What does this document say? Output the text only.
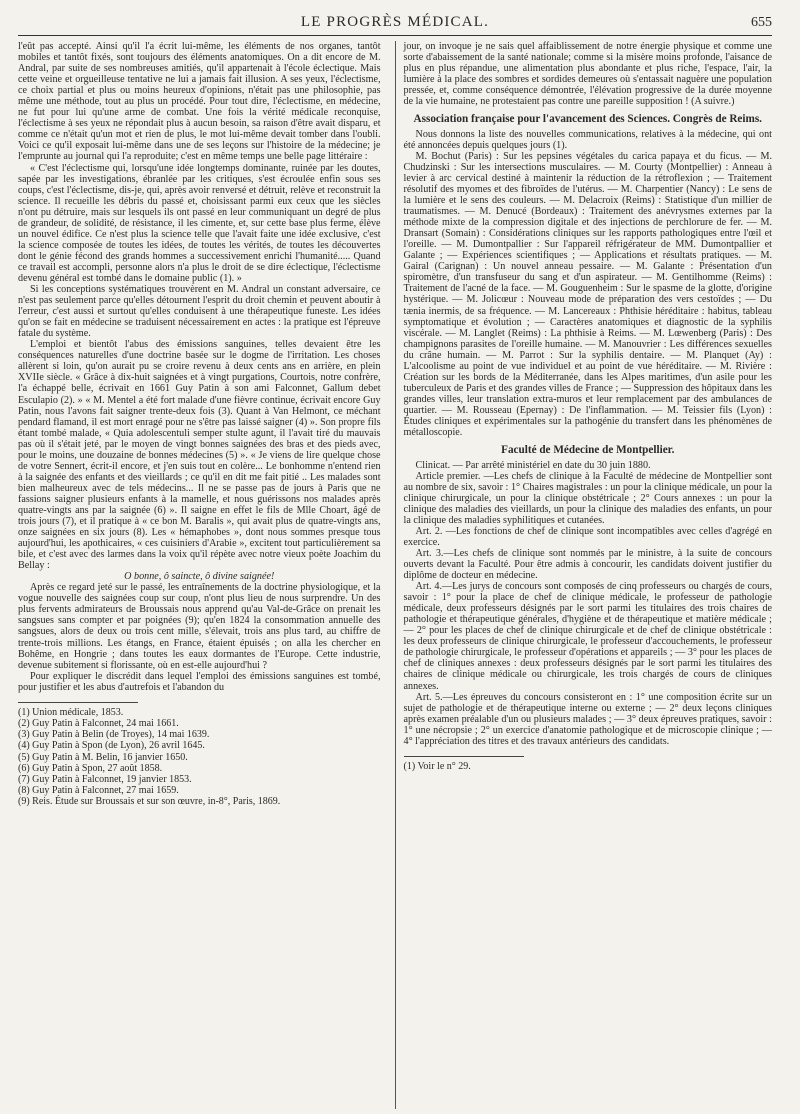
LE PROGRÈS MÉDICAL.	655

l'eût pas accepté. Ainsi qu'il l'a écrit lui-même, les éléments de nos organes, tantôt mobiles et tantôt fixés, sont toujours des éléments anatomiques. On a dit encore de M. Andral, par suite de ses nombreuses amitiés, qu'il appartenait à l'école éclectique. Mais cette veine et orgueilleuse tentative ne lui a jamais fait illusion. A ses yeux, l'éclectisme, ce choix partial et plus ou moins heureux d'opinions, n'était pas une philosophie, pas même une méthode, tout au plus un procédé. Pour tout dire, l'éclectisme, en médecine, ne fut pour lui qu'une arme de combat. Une fois la vérité médicale reconquise, l'éclectisme à ses yeux ne répondait plus à aucun besoin, sa raison d'être avait disparu, et comme ce n'était qu'un mot et rien de plus, le mot lui-même devait tomber dans l'oubli. Voici ce qu'il exposait lui-même dans une de ses leçons sur l'histoire de la médecine; je l'emprunte au journal qui l'a reproduite; c'est en même temps une belle page littéraire :

« C'est l'éclectisme qui, lorsqu'une idée longtemps dominante, ruinée par les doutes, sapée par les investigations, ébranlée par les critiques, s'est écroulée enfin sous ses coups, c'est l'éclectisme, dis-je, qui, après avoir renversé et détruit, relève et reconstruit la science. Il recueille les débris du passé et, choisissant parmi eux ceux que les siècles n'ont pu détruire, mais sur lesquels ils ont passé en leur communiquant un degré de plus de grandeur, de solidité, de résistance, il les cimente, et, sur cette base plus ferme, élève un nouvel édifice. Ce n'est plus la science telle que l'avait faite une idée exclusive, c'est la science composée de toutes les idées, de toutes les vérités, de toutes les découvertes dont le génie fécond des grands hommes a successivement enrichi l'humanité..... Quand ce travail est accompli, personne alors n'a plus le droit de se dire éclectique, l'éclectisme devenu général est tombé dans le domaine public (1). »

Si les conceptions systématiques trouvèrent en M. Andral un constant adversaire, ce n'est pas seulement parce qu'elles détournent l'esprit du droit chemin et peuvent aboutir à l'erreur, c'est aussi et surtout qu'elles conduisent à une thérapeutique funeste. Les idées qu'on se fait en médecine se traduisent nécessairement en actes : la pratique est l'épreuve fatale du système.

L'emploi et bientôt l'abus des émissions sanguines, telles devaient être les conséquences naturelles d'une doctrine basée sur le dogme de l'irritation. Les choses allèrent si loin, qu'on aurait pu se croire revenu à deux cents ans en arrière, en plein XVIIe siècle. « Grâce à dix-huit saignées et à vingt purgations, Courtois, notre confrère, l'a échappé belle, écrivait en 1661 Guy Patin à son ami Falconnet, Gallum debet Esculapio (2). » « M. Mentel a été fort malade d'une fièvre continue, écrivait encore Guy Patin, nous l'avons fait saigner trente-deux fois (3). Quant à Van Helmont, ce méchant pendard flamand, il est mort enragé pour ne s'être pas laissé saigner (4) ». Son propre fils étant tombé malade, « Quia adolescentuli semper stulte agunt, il l'avait tiré du mauvais pas où il s'était jeté, par le moyen de vingt bonnes saignées des bras et des pieds avec, pour le moins, une douzaine de bonnes médecines (5) ». « Je viens de lire quelque chose de votre Sennert, écrit-il encore, et j'en suis tout en colère... Le bonhomme n'entend rien à la saignée des enfants et des vieillards ; ce qu'il en dit me fait pitié .. Les malades sont bien malheureux avec de tels médecins... Il ne se passe pas de jours à Paris que ne fassions saigner plusieurs enfants à la mamelle, et nous guérissons nos malades après quatre-vingts ans par la saignée (6) ». Il saigne en effet le fils de Mlle Choart, âgé de trois jours (7), et il pratique à « ce bon M. Baralis », qui avait plus de quatre-vingts ans, onze saignées en six jours (8). Les « hémaphobes », dont nous sommes presque tous aujourd'hui, les apothicaires, « ces cuisiniers d'Arabie », excitent tout particulièrement sa bile, et c'est avec des larmes dans la voix qu'il répète avec notre vieux poète Joachim du Bellay :

O bonne, ô saincte, ô divine saignée!

Après ce regard jeté sur le passé, les entraînements de la doctrine physiologique, et la vogue nouvelle des saignées coup sur coup, n'ont plus lieu de nous surprendre. Un des plus fervents admirateurs de Broussais nous apprend qu'au Val-de-Grâce on prenait les sangsues sans compter et par poignées (9); qu'en 1824 la consommation annuelle des sangsues, alors de deux ou trois cent mille, s'élevait, trois ans plus tard, au chiffre de trente-trois millions. Les étangs, en France, étaient épuisés ; on alla les chercher en Bohême, en Hongrie ; dans toutes les eaux dormantes de l'Europe. Cette industrie, devenue subitement si florissante, où en est-elle aujourd'hui ?

Pour expliquer le discrédit dans lequel l'emploi des émissions sanguines est tombé, pour justifier et les abus d'autrefois et l'abandon du

(1) Union médicale, 1853.

(2) Guy Patin à Falconnet, 24 mai 1661.

(3) Guy Patin à Belin (de Troyes), 14 mai 1639.

(4) Guy Patin à Spon (de Lyon), 26 avril 1645.

(5) Guy Patin à M. Belin, 16 janvier 1650.

(6) Guy Patin à Spon, 27 août 1858.

(7) Guy Patin à Falconnet, 19 janvier 1853.

(8) Guy Patin à Falconnet, 27 mai 1659.

(9) Reis. Étude sur Broussais et sur son œuvre, in-8°, Paris, 1869.

jour, on invoque je ne sais quel affaiblissement de notre énergie physique et comme une sorte d'abaissement de la santé nationale; comme si la misère moins profonde, l'aisance de plus en plus répandue, une alimentation plus abondante et plus riche, l'espace, l'air, la lumière à la place des sombres et sordides demeures où s'entassait naguère une population pressée, et, comme conséquence démontrée, l'élévation progressive de la durée moyenne de la vie humaine, ne protestaient pas contre une pareille supposition ! (A suivre.)

Association française pour l'avancement des Sciences. Congrès de Reims.

Nous donnons la liste des nouvelles communications, relatives à la médecine, qui ont été annoncées depuis quelques jours (1).

M. Bochut (Paris) : Sur les pepsines végétales du carica papaya et du ficus. — M. Chudzinski : Sur les intersections musculaires. — M. Courty (Montpellier) : Anneau à levier à arc cervical destiné à maintenir la réduction de la rétroflexion ; — Traitement résolutif des myomes et des fibroïdes de l'utérus. — M. Charpentier (Nancy) : Le sens de la lumière et le sens des couleurs. — M. Delacroix (Reims) : Statistique d'un millier de traumatismes. — M. Denucé (Bordeaux) : Traitement des anévrysmes externes par la méthode mixte de la compression digitale et des injections de perchlorure de fer. — M. Dransart (Somain) : Considérations cliniques sur les rapports pathologiques entre l'œil et l'oreille. — M. Dumontpallier : Sur l'appareil réfrigérateur de MM. Dumontpallier et Galante ; — Expériences scientifiques ; — Applications et résultats pratiques. — M. Gairal (Carignan) : Un nouvel anneau pessaire. — M. Galante : Présentation d'un spiromètre, d'un transfuseur du sang et d'un aspirateur. — M. Gentilhomme (Reims) : Traitement de l'acné de la face. — M. Gouguenheim : Sur le spasme de la glotte, d'origine hystérique. — M. Jolicœur : Nouveau mode de préparation des vers cestoïdes ; — Du tænia inermis, de sa fréquence. — M. Lancereaux : Phthisie héréditaire : habitus, tableau symptomatique et évolution ; — Caractères anatomiques et diagnostic de la syphilis viscérale. — M. Langlet (Reims) : La phthisie à Reims. — M. Lœwenberg (Paris) : Des champignons parasites de l'oreille humaine. — M. Manouvrier : Les différences sexuelles du crâne humain. — M. Parrot : Sur la syphilis dentaire. — M. Planquet (Ay) : L'alcoolisme au point de vue individuel et au point de vue héréditaire. — M. Rivière : Création sur les bords de la Méditerranée, dans les Alpes maritimes, d'un asile pour les tuberculeux de Paris et des grandes villes de France ; — Suppression des hôpitaux dans les grandes villes, leur translation extra-muros et leur remplacement par des ambulances de quartier. — M. Rousseau (Epernay) : De l'inflammation. — M. Teissier fils (Lyon) : Études cliniques et expérimentales sur la pathogénie du transfert dans les phénomènes de métalloscopie.

Faculté de Médecine de Montpellier.

Clinicat. — Par arrêté ministériel en date du 30 juin 1880.

Article premier. —Les chefs de clinique à la Faculté de médecine de Montpellier sont au nombre de six, savoir : 1° Chaires magistrales : un pour la clinique médicale, un pour la clinique chirurgicale, un pour la clinique obstétricale ; 2° Cours annexes : un pour la clinique des maladies des vieillards, un pour la clinique des maladies des enfants, un pour la clinique des maladies syphilitiques et cutanées.

Art. 2. —Les fonctions de chef de clinique sont incompatibles avec celles d'agrégé en exercice.

Art. 3.—Les chefs de clinique sont nommés par le ministre, à la suite de concours ouverts devant la Faculté. Pour être admis à concourir, les candidats doivent justifier du diplôme de docteur en médecine.

Art. 4.—Les jurys de concours sont composés de cinq professeurs ou chargés de cours, savoir : 1° pour la place de chef de clinique médicale, le professeur de pathologie médicale, deux professeurs désignés par le sort parmi les titulaires des trois chaires de pathologie et thérapeutique générales, d'hygiène et de thérapeutique et matière médicale ; — 2° pour les places de chef de clinique chirurgicale et de chef de clinique obstétricale : les deux professeurs de clinique chirurgicale, le professeur d'accouchements, le professeur de pathologie chirurgicale, le professeur d'opérations et appareils ; — 3° pour les places de chef de cliniques annexes : deux professeurs désignés par le sort parmi les titulaires des chaires de clinique médicale ou chirurgicale, les trois chargés de cours de cliniques annexes.

Art. 5.—Les épreuves du concours consisteront en : 1° une composition écrite sur un sujet de pathologie et de thérapeutique interne ou externe ; — 2° deux leçons cliniques après examen préalable d'un ou plusieurs malades ; — 3° deux épreuves pratiques, savoir : 1° une nécropsie ; 2° un exercice d'anatomie pathologique et de microscopie clinique ; — 4° l'appréciation des titres et des travaux antérieurs des candidats.

(1) Voir le n° 29.
